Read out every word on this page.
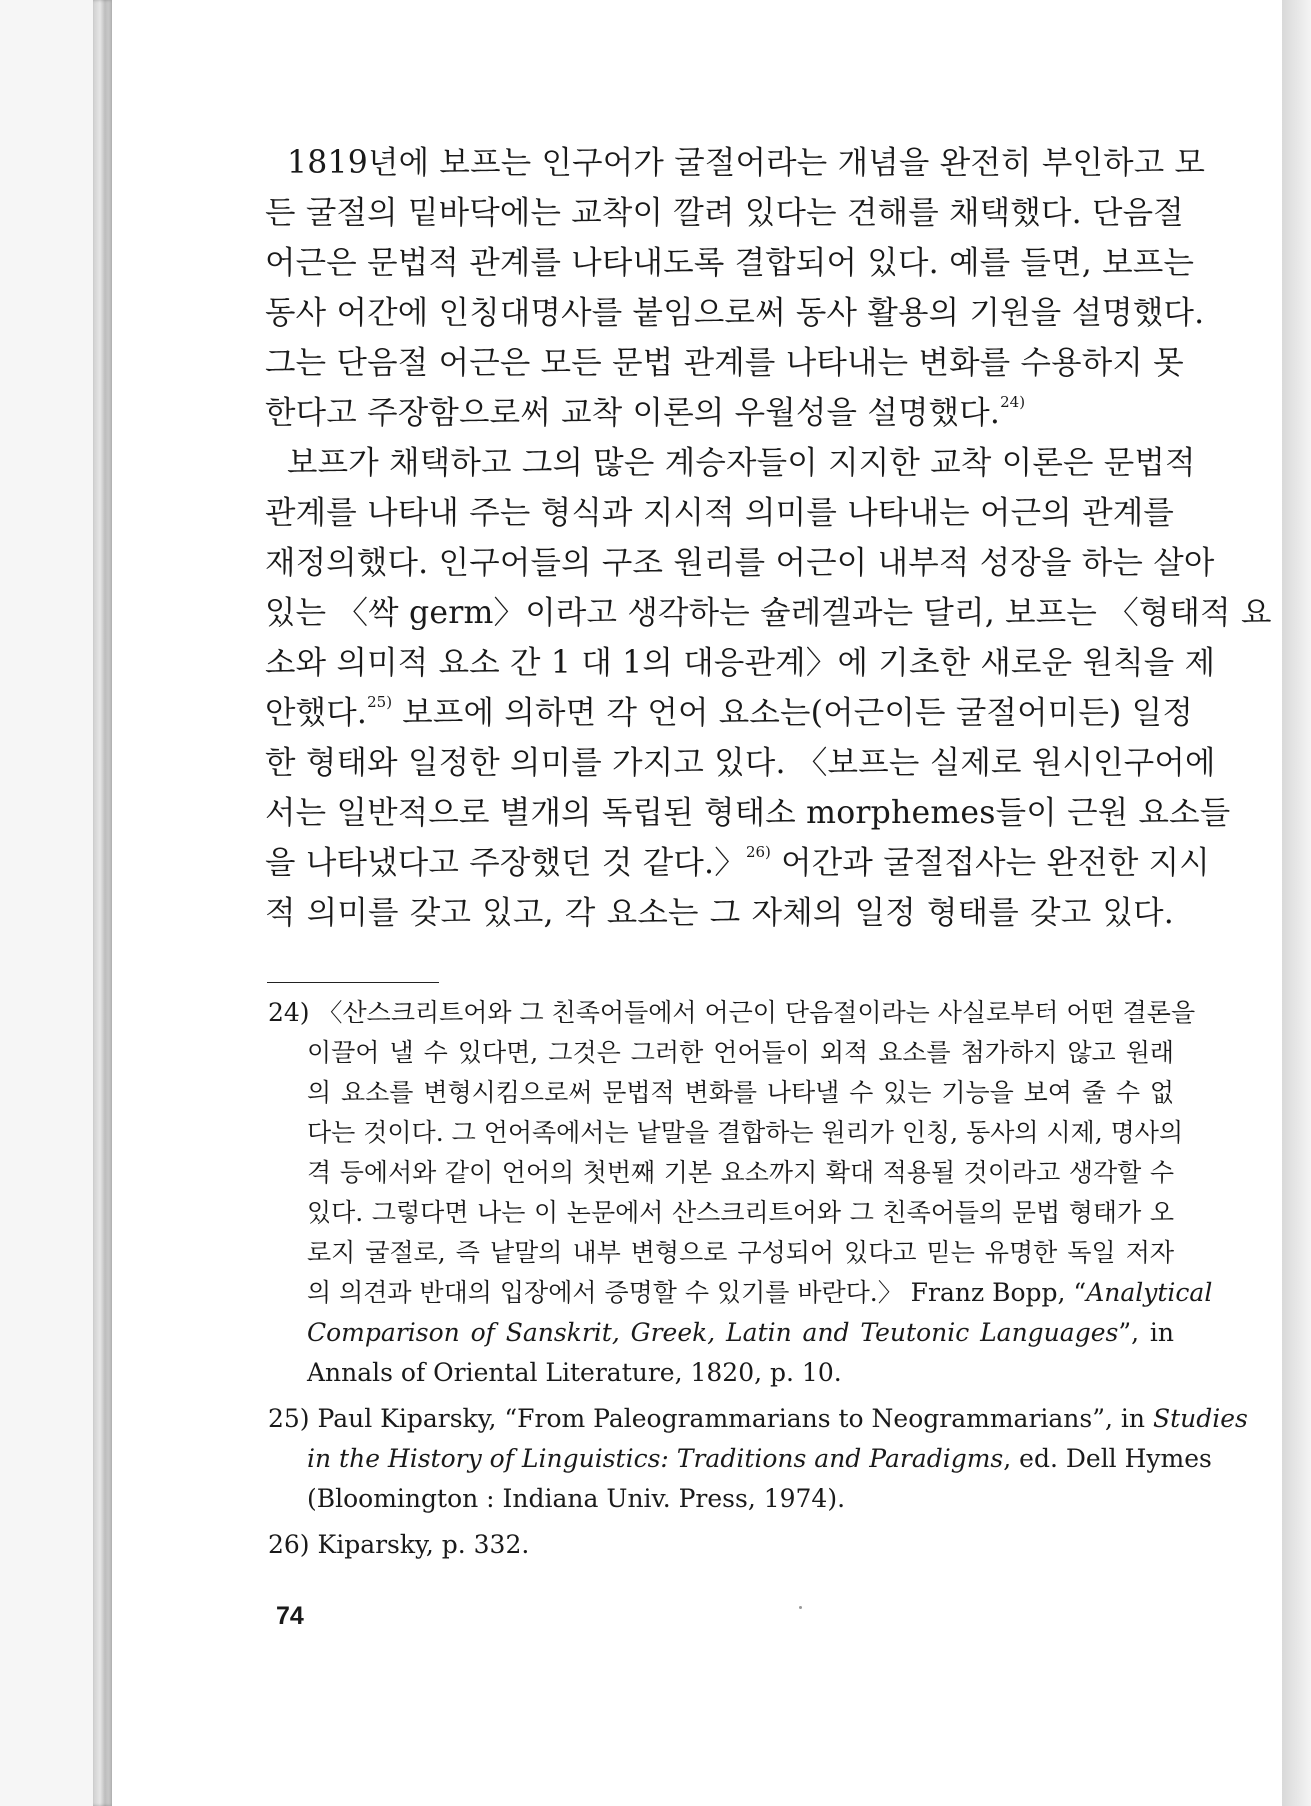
1819년에 보프는 인구어가 굴절어라는 개념을 완전히 부인하고 모
든 굴절의 밑바닥에는 교착이 깔려 있다는 견해를 채택했다. 단음절
어근은 문법적 관계를 나타내도록 결합되어 있다. 예를 들면, 보프는
동사 어간에 인칭대명사를 붙임으로써 동사 활용의 기원을 설명했다.
그는 단음절 어근은 모든 문법 관계를 나타내는 변화를 수용하지 못
한다고 주장함으로써 교착 이론의 우월성을 설명했다.$^{24)}$
보프가 채택하고 그의 많은 계승자들이 지지한 교착 이론은 문법적
관계를 나타내 주는 형식과 지시적 의미를 나타내는 어근의 관계를
재정의했다. 인구어들의 구조 원리를 어근이 내부적 성장을 하는 살아
있는 〈싹 germ〉이라고 생각하는 슐레겔과는 달리, 보프는 〈형태적 요
소와 의미적 요소 간 1 대 1의 대응관계〉에 기초한 새로운 원칙을 제
안했다.$^{25)}$ 보프에 의하면 각 언어 요소는(어근이든 굴절어미든) 일정
한 형태와 일정한 의미를 가지고 있다. 〈보프는 실제로 원시인구어에
서는 일반적으로 별개의 독립된 형태소 morphemes들이 근원 요소들
을 나타냈다고 주장했던 것 같다.〉$^{26)}$ 어간과 굴절접사는 완전한 지시
적 의미를 갖고 있고, 각 요소는 그 자체의 일정 형태를 갖고 있다.
24) 〈산스크리트어와 그 친족어들에서 어근이 단음절이라는 사실로부터 어떤 결론을
이끌어 낼 수 있다면, 그것은 그러한 언어들이 외적 요소를 첨가하지 않고 원래
의 요소를 변형시킴으로써 문법적 변화를 나타낼 수 있는 기능을 보여 줄 수 없
다는 것이다. 그 언어족에서는 낱말을 결합하는 원리가 인칭, 동사의 시제, 명사의
격 등에서와 같이 언어의 첫번째 기본 요소까지 확대 적용될 것이라고 생각할 수
있다. 그렇다면 나는 이 논문에서 산스크리트어와 그 친족어들의 문법 형태가 오
로지 굴절로, 즉 낱말의 내부 변형으로 구성되어 있다고 믿는 유명한 독일 저자
의 의견과 반대의 입장에서 증명할 수 있기를 바란다.〉 Franz Bopp, “Analytical
Comparison of Sanskrit, Greek, Latin and Teutonic Languages”, in
Annals of Oriental Literature, 1820, p. 10.
25) Paul Kiparsky, “From Paleogrammarians to Neogrammarians”, in Studies
in the History of Linguistics: Traditions and Paradigms, ed. Dell Hymes
(Bloomington : Indiana Univ. Press, 1974).
26) Kiparsky, p. 332.
74
